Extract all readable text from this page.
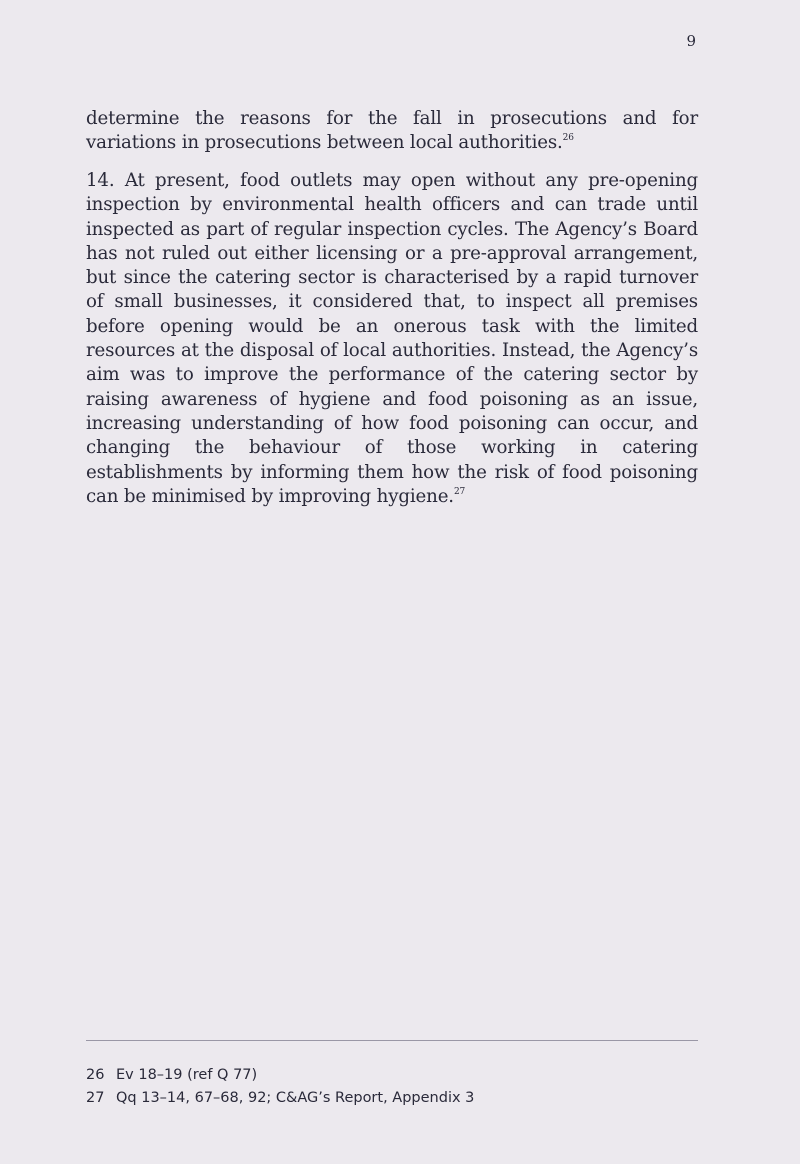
9

determine the reasons for the fall in prosecutions and for variations in prosecutions between local authorities.$^{26}$

14. At present, food outlets may open without any pre-opening inspection by environmental health officers and can trade until inspected as part of regular inspection cycles. The Agency’s Board has not ruled out either licensing or a pre-approval arrangement, but since the catering sector is characterised by a rapid turnover of small businesses, it considered that, to inspect all premises before opening would be an onerous task with the limited resources at the disposal of local authorities. Instead, the Agency’s aim was to improve the performance of the catering sector by raising awareness of hygiene and food poisoning as an issue, increasing understanding of how food poisoning can occur, and changing the behaviour of those working in catering establishments by informing them how the risk of food poisoning can be minimised by improving hygiene.$^{27}$

26 Ev 18–19 (ref Q 77)
27 Qq 13–14, 67–68, 92; C&AG’s Report, Appendix 3
